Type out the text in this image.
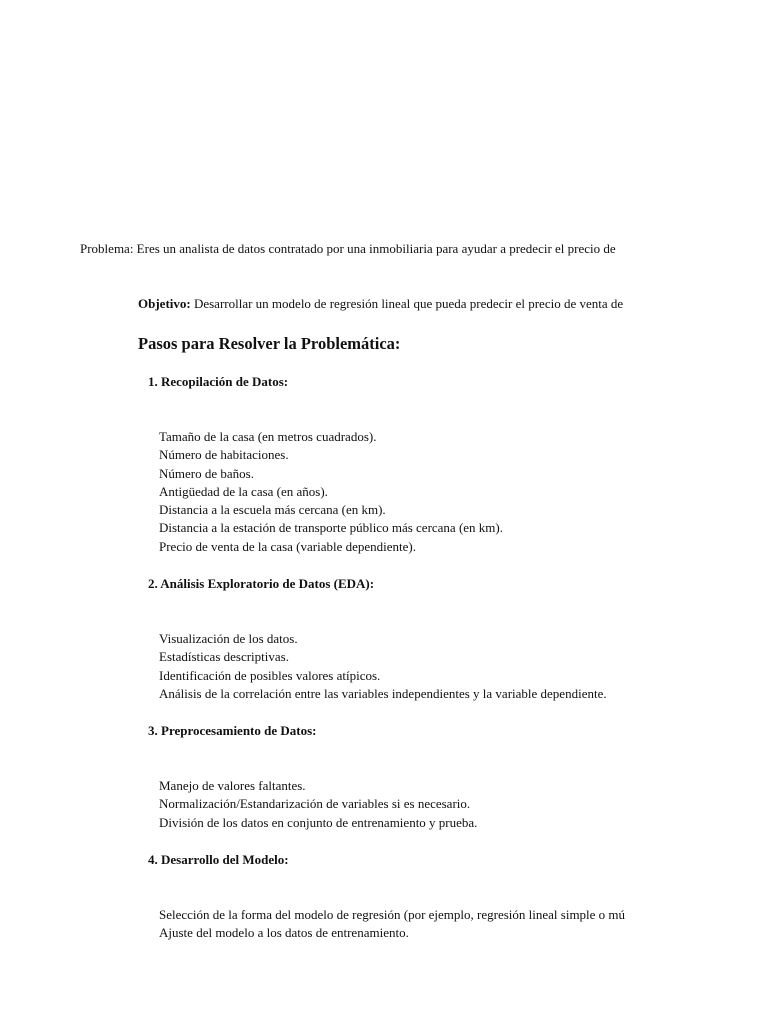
Problema: Eres un analista de datos contratado por una inmobiliaria para ayudar a predecir el precio de
Objetivo: Desarrollar un modelo de regresión lineal que pueda predecir el precio de venta de
Pasos para Resolver la Problemática:
1. Recopilación de Datos:
Tamaño de la casa (en metros cuadrados).
Número de habitaciones.
Número de baños.
Antigüedad de la casa (en años).
Distancia a la escuela más cercana (en km).
Distancia a la estación de transporte público más cercana (en km).
Precio de venta de la casa (variable dependiente).
2. Análisis Exploratorio de Datos (EDA):
Visualización de los datos.
Estadísticas descriptivas.
Identificación de posibles valores atípicos.
Análisis de la correlación entre las variables independientes y la variable dependiente.
3. Preprocesamiento de Datos:
Manejo de valores faltantes.
Normalización/Estandarización de variables si es necesario.
División de los datos en conjunto de entrenamiento y prueba.
4. Desarrollo del Modelo:
Selección de la forma del modelo de regresión (por ejemplo, regresión lineal simple o mú
Ajuste del modelo a los datos de entrenamiento.
